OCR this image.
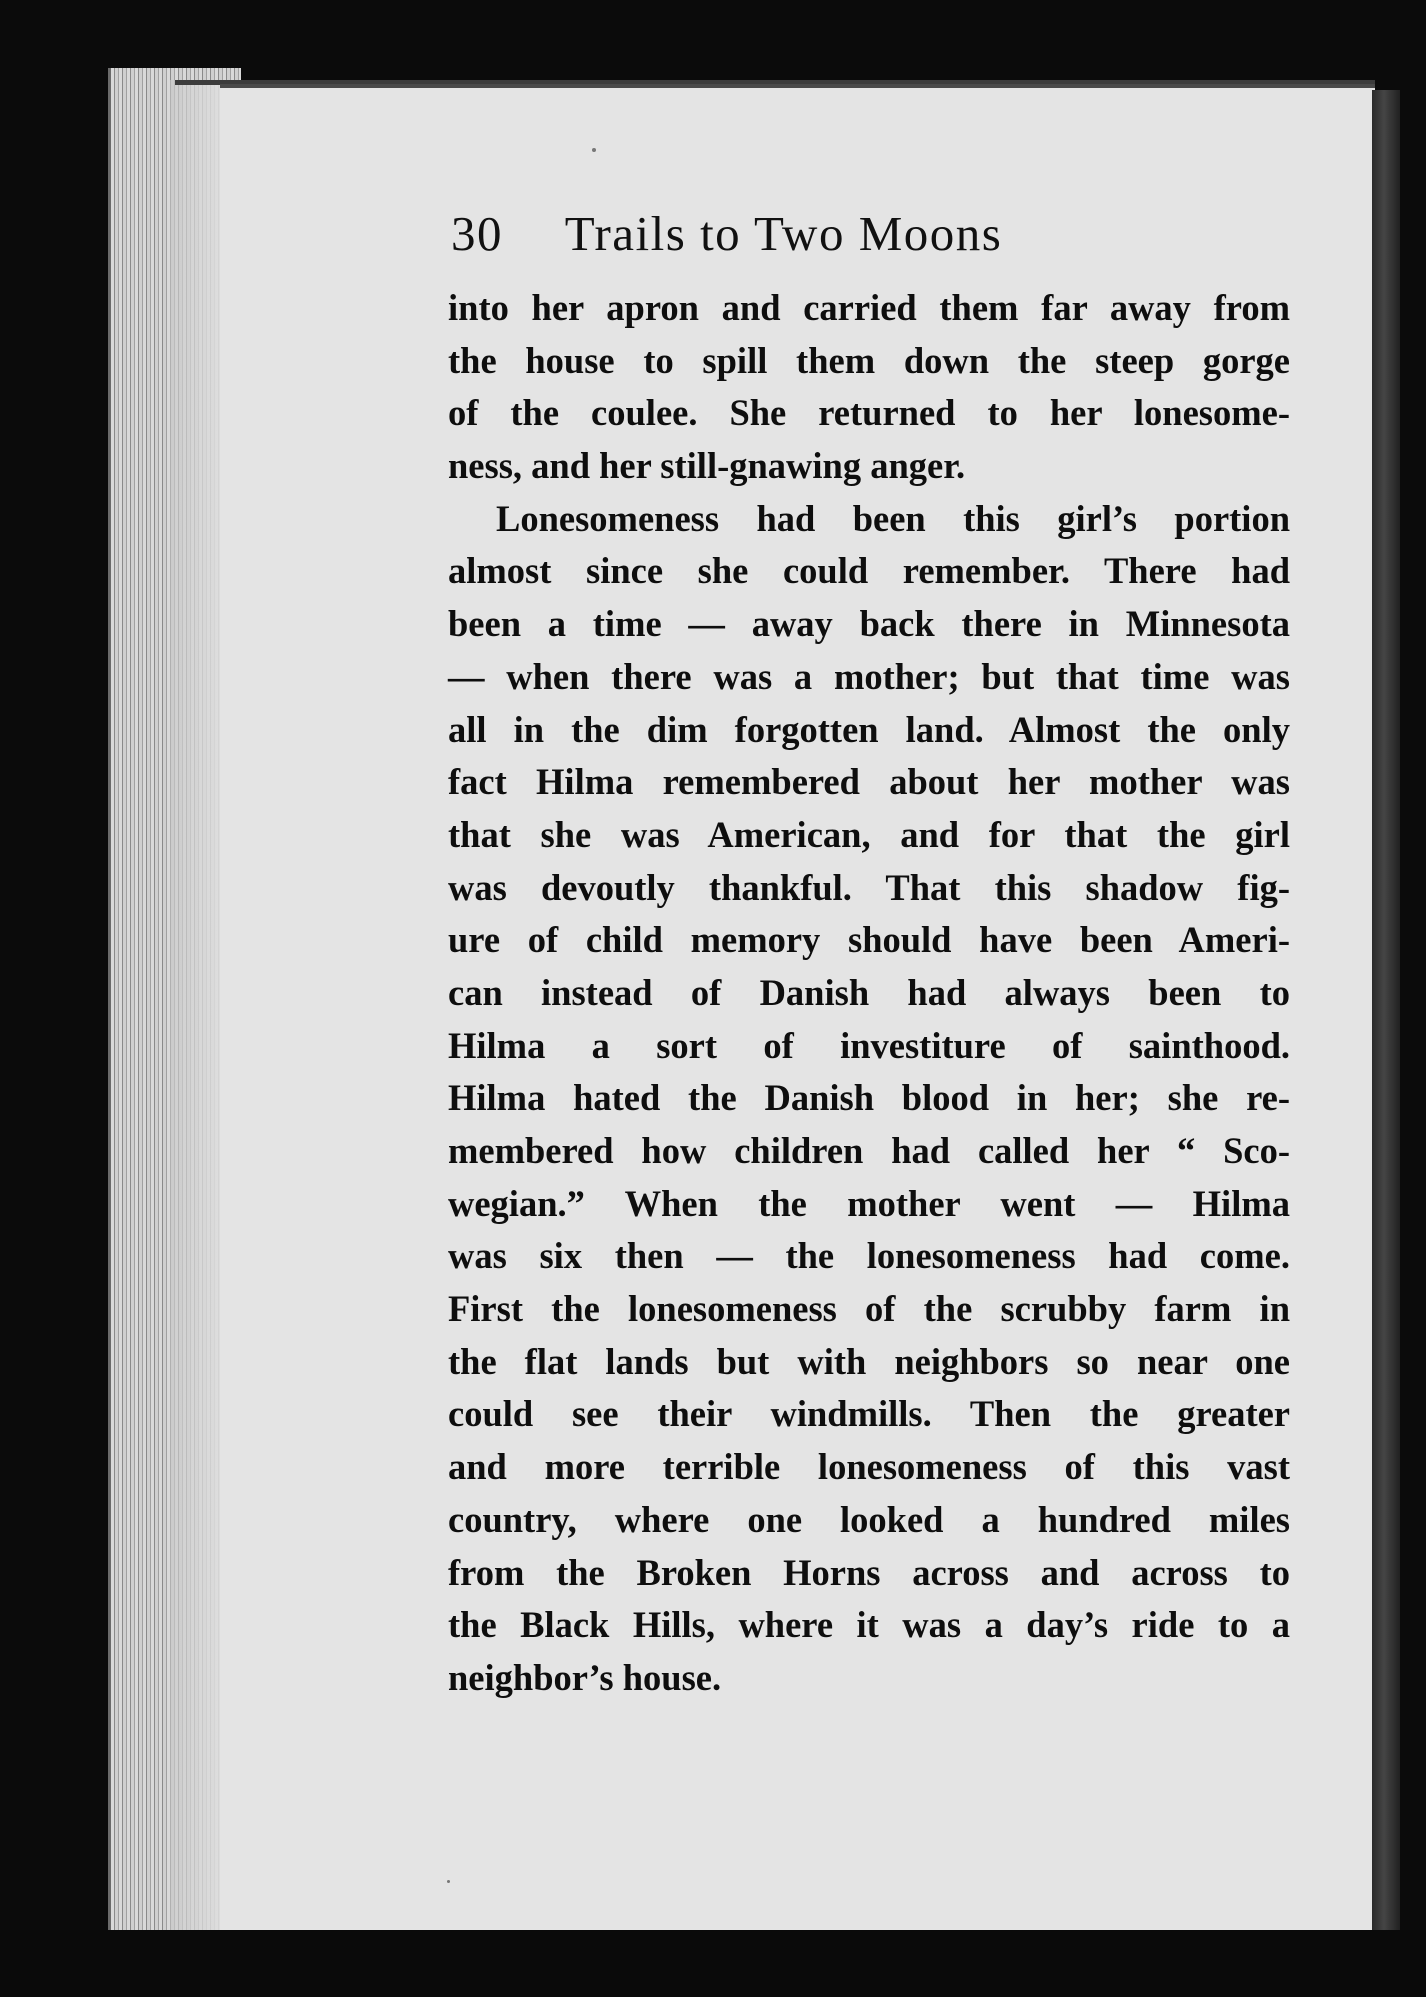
30 Trails to Two Moons
into her apron and carried them far away from
the house to spill them down the steep gorge
of the coulee. She returned to her lonesome-
ness, and her still-gnawing anger.
Lonesomeness had been this girl’s portion
almost since she could remember. There had
been a time — away back there in Minnesota
— when there was a mother; but that time was
all in the dim forgotten land. Almost the only
fact Hilma remembered about her mother was
that she was American, and for that the girl
was devoutly thankful. That this shadow fig-
ure of child memory should have been Ameri-
can instead of Danish had always been to
Hilma a sort of investiture of sainthood.
Hilma hated the Danish blood in her; she re-
membered how children had called her “ Sco-
wegian.” When the mother went — Hilma
was six then — the lonesomeness had come.
First the lonesomeness of the scrubby farm in
the flat lands but with neighbors so near one
could see their windmills. Then the greater
and more terrible lonesomeness of this vast
country, where one looked a hundred miles
from the Broken Horns across and across to
the Black Hills, where it was a day’s ride to a
neighbor’s house.
